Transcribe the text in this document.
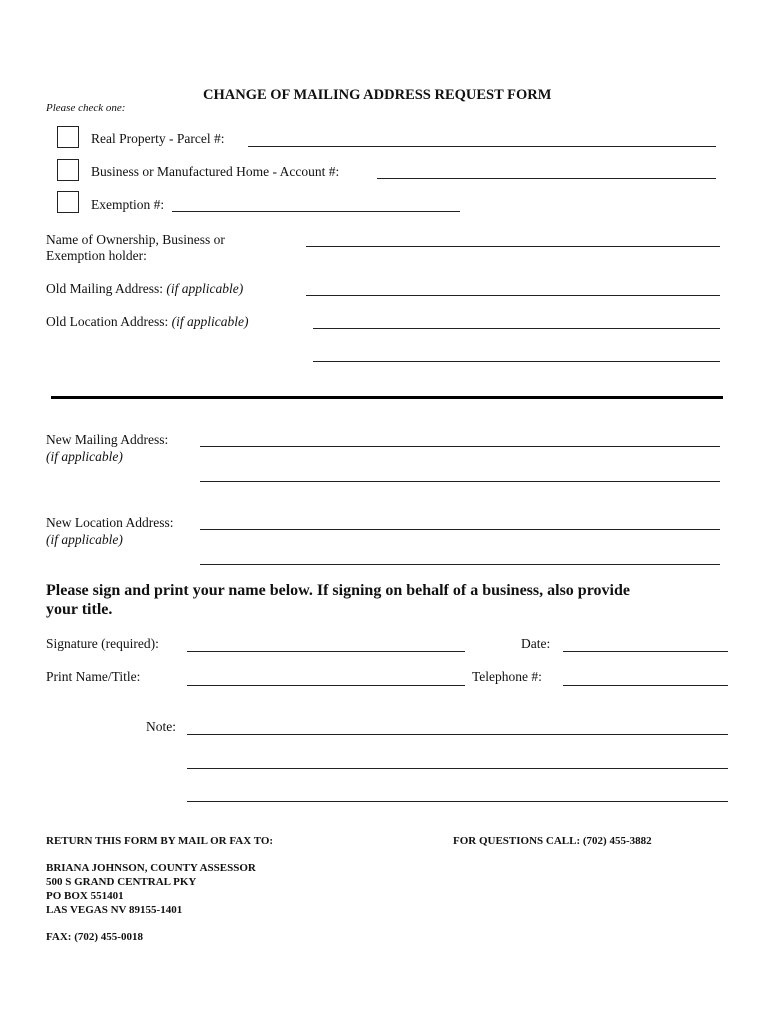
CHANGE OF MAILING ADDRESS REQUEST FORM
Please check one:
Real Property - Parcel #:
Business or Manufactured Home - Account #:
Exemption #:
Name of Ownership, Business or
Exemption holder:
Old Mailing Address: (if applicable)
Old Location Address: (if applicable)
New Mailing Address:
(if applicable)
New Location Address:
(if applicable)
Please sign and print your name below. If signing on behalf of a business, also provide
your title.
Signature (required):	Date:
Print Name/Title:	Telephone #:
Note:
RETURN THIS FORM BY MAIL OR FAX TO:	FOR QUESTIONS CALL: (702) 455-3882
BRIANA JOHNSON, COUNTY ASSESSOR
500 S GRAND CENTRAL PKY
PO BOX 551401
LAS VEGAS NV 89155-1401
FAX: (702) 455-0018
